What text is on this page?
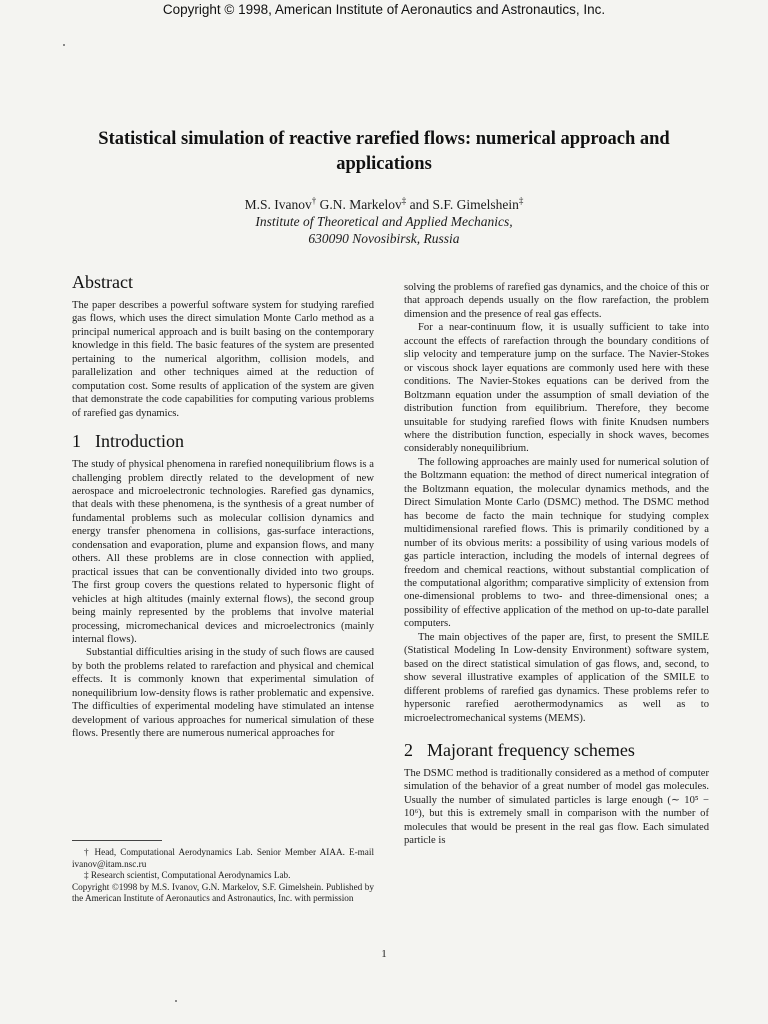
Copyright © 1998, American Institute of Aeronautics and Astronautics, Inc.
Statistical simulation of reactive rarefied flows: numerical approach and applications
M.S. Ivanov† G.N. Markelov‡ and S.F. Gimelshein‡
Institute of Theoretical and Applied Mechanics,
630090 Novosibirsk, Russia
Abstract

The paper describes a powerful software system for studying rarefied gas flows, which uses the direct simulation Monte Carlo method as a principal numerical approach and is built basing on the contemporary knowledge in this field. The basic features of the system are presented pertaining to the numerical algorithm, collision models, and parallelization and other techniques aimed at the reduction of computation cost. Some results of application of the system are given that demonstrate the code capabilities for computing various problems of rarefied gas dynamics.

1 Introduction

The study of physical phenomena in rarefied nonequilibrium flows is a challenging problem directly related to the development of new aerospace and microelectronic technologies. Rarefied gas dynamics, that deals with these phenomena, is the synthesis of a great number of fundamental problems such as molecular collision dynamics and energy transfer phenomena in collisions, gas-surface interactions, condensation and evaporation, plume and expansion flows, and many others. All these problems are in close connection with applied, practical issues that can be conventionally divided into two groups. The first group covers the questions related to hypersonic flight of vehicles at high altitudes (mainly external flows), the second group being mainly represented by the problems that involve material processing, micromechanical devices and microelectronics (mainly internal flows).

Substantial difficulties arising in the study of such flows are caused by both the problems related to rarefaction and physical and chemical effects. It is commonly known that experimental simulation of nonequilibrium low-density flows is rather problematic and expensive. The difficulties of experimental modeling have stimulated an intense development of various approaches for numerical simulation of these flows. Presently there are numerous numerical approaches for

solving the problems of rarefied gas dynamics, and the choice of this or that approach depends usually on the flow rarefaction, the problem dimension and the presence of real gas effects.

For a near-continuum flow, it is usually sufficient to take into account the effects of rarefaction through the boundary conditions of slip velocity and temperature jump on the surface. The Navier-Stokes or viscous shock layer equations are commonly used here with these conditions. The Navier-Stokes equations can be derived from the Boltzmann equation under the assumption of small deviation of the distribution function from equilibrium. Therefore, they become unsuitable for studying rarefied flows with finite Knudsen numbers where the distribution function, especially in shock waves, becomes considerably nonequilibrium.

The following approaches are mainly used for numerical solution of the Boltzmann equation: the method of direct numerical integration of the Boltzmann equation, the molecular dynamics methods, and the Direct Simulation Monte Carlo (DSMC) method. The DSMC method has become de facto the main technique for studying complex multidimensional rarefied flows. This is primarily conditioned by a number of its obvious merits: a possibility of using various models of gas particle interaction, including the models of internal degrees of freedom and chemical reactions, without substantial complication of the computational algorithm; comparative simplicity of extension from one-dimensional problems to two- and three-dimensional ones; a possibility of effective application of the method on up-to-date parallel computers.

The main objectives of the paper are, first, to present the SMILE (Statistical Modeling In Low-density Environment) software system, based on the direct statistical simulation of gas flows, and, second, to show several illustrative examples of application of the SMILE to different problems of rarefied gas dynamics. These problems refer to hypersonic rarefied aerothermodynamics as well as to microelectromechanical systems (MEMS).

2 Majorant frequency schemes

The DSMC method is traditionally considered as a method of computer simulation of the behavior of a great number of model gas molecules. Usually the number of simulated particles is large enough (∼ 10⁵ − 10⁶), but this is extremely small in comparison with the number of molecules that would be present in the real gas flow. Each simulated particle is

† Head, Computational Aerodynamics Lab. Senior Member AIAA. E-mail ivanov@itam.nsc.ru

‡ Research scientist, Computational Aerodynamics Lab.

Copyright ©1998 by M.S. Ivanov, G.N. Markelov, S.F. Gimelshein. Published by the American Institute of Aeronautics and Astronautics, Inc. with permission

1
